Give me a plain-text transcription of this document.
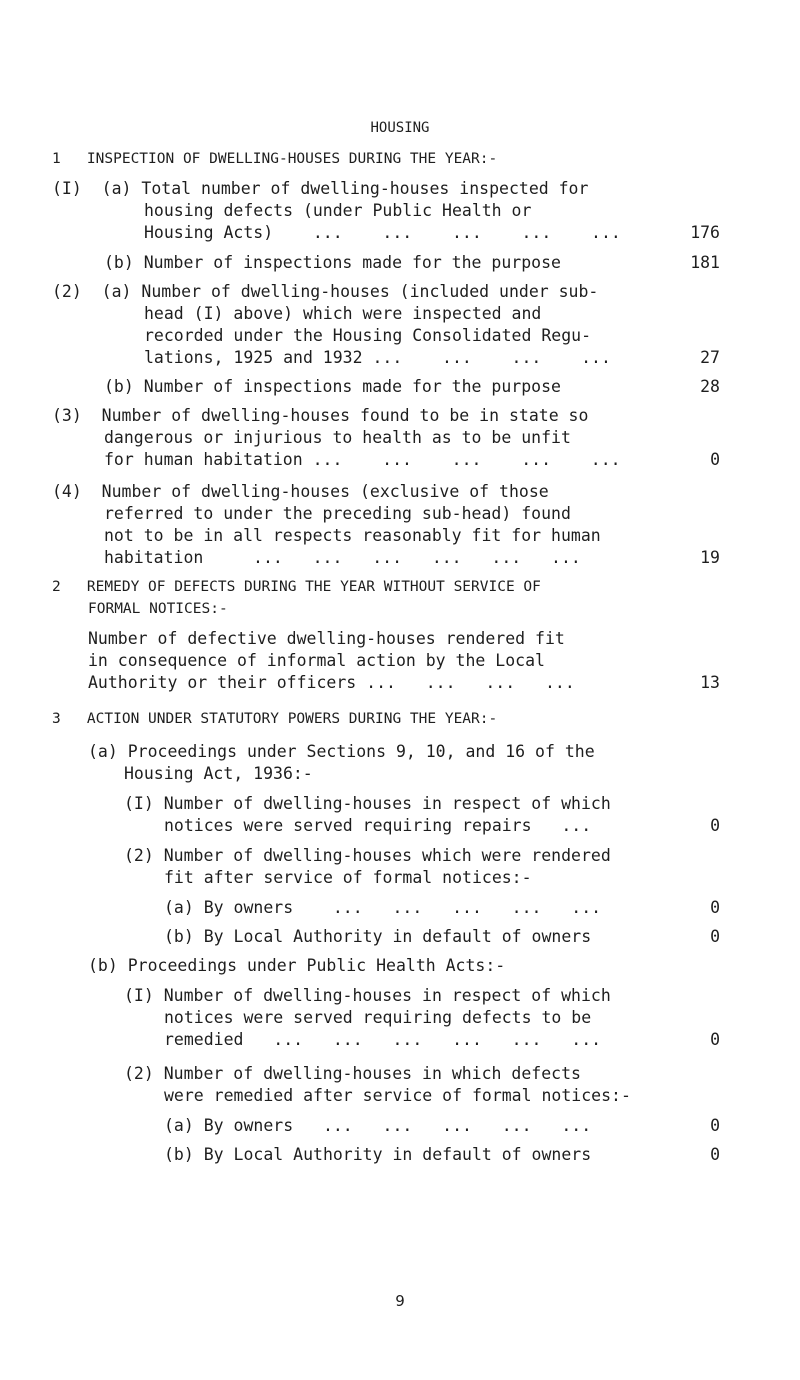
HOUSING
1   INSPECTION OF DWELLING-HOUSES DURING THE YEAR:-
(I)  (a) Total number of dwelling-houses inspected for
housing defects (under Public Health or
Housing Acts)    ...    ...    ...    ...    ...	176
(b) Number of inspections made for the purpose	181
(2)  (a) Number of dwelling-houses (included under sub-
head (I) above) which were inspected and
recorded under the Housing Consolidated Regu-
lations, 1925 and 1932 ...    ...    ...    ...	27
(b) Number of inspections made for the purpose	28
(3)  Number of dwelling-houses found to be in state so
dangerous or injurious to health as to be unfit
for human habitation ...    ...    ...    ...    ...	0
(4)  Number of dwelling-houses (exclusive of those
referred to under the preceding sub-head) found
not to be in all respects reasonably fit for human
habitation     ...   ...   ...   ...   ...   ...	19
2   REMEDY OF DEFECTS DURING THE YEAR WITHOUT SERVICE OF
FORMAL NOTICES:-
Number of defective dwelling-houses rendered fit
in consequence of informal action by the Local
Authority or their officers ...   ...   ...   ...	13
3   ACTION UNDER STATUTORY POWERS DURING THE YEAR:-
(a) Proceedings under Sections 9, 10, and 16 of the
Housing Act, 1936:-
(I) Number of dwelling-houses in respect of which
notices were served requiring repairs   ...	0
(2) Number of dwelling-houses which were rendered
fit after service of formal notices:-
(a) By owners    ...   ...   ...   ...   ...	0
(b) By Local Authority in default of owners	0
(b) Proceedings under Public Health Acts:-
(I) Number of dwelling-houses in respect of which
notices were served requiring defects to be
remedied   ...   ...   ...   ...   ...   ...	0
(2) Number of dwelling-houses in which defects
were remedied after service of formal notices:-
(a) By owners   ...   ...   ...   ...   ...	0
(b) By Local Authority in default of owners	0
9
